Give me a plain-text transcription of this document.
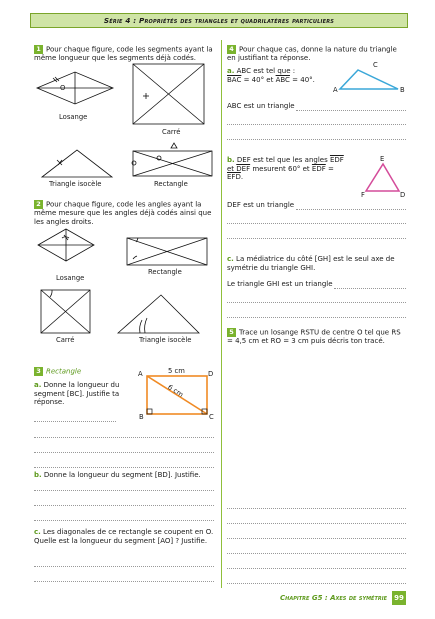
Série 4 : Propriétés des triangles et quadrilatères particuliers
1 Pour chaque figure, code les segments ayant la même longueur que les segments déjà codés.
O
Losange
Carré
Triangle isocèle	Rectangle
2 Pour chaque figure, code les angles ayant la même mesure que les angles déjà codés ainsi que les angles droits.
Losange
Rectangle
Carré	Triangle isocèle
3 Rectangle
a. Donne la longueur du segment [BC]. Justifie ta réponse.
A	D
B	C
5 cm
6 cm
b. Donne la longueur du segment [BD]. Justifie.
c. Les diagonales de ce rectangle se coupent en O. Quelle est la longueur du segment [AO] ? Justifie.
4 Pour chaque cas, donne la nature du triangle en justifiant ta réponse.
a. ABC est tel que :
$\overline{BAC} = 40^\circ$ et $\overline{ABC} = 40^\circ$.
C
A	B
ABC est un triangle
b. DEF est tel que les angles $\overline{EDF}$ et $\overline{DEF}$ mesurent 60° et $\overline{EDF} = \overline{EFD}$.
E
F	D
DEF est un triangle
c. La médiatrice du côté [GH] est le seul axe de symétrie du triangle GHI.
Le triangle GHI est un triangle
5 Trace un losange RSTU de centre O tel que RS = 4,5 cm et RO = 3 cm puis décris ton tracé.
Chapitre G5 : Axes de symétrie	99
